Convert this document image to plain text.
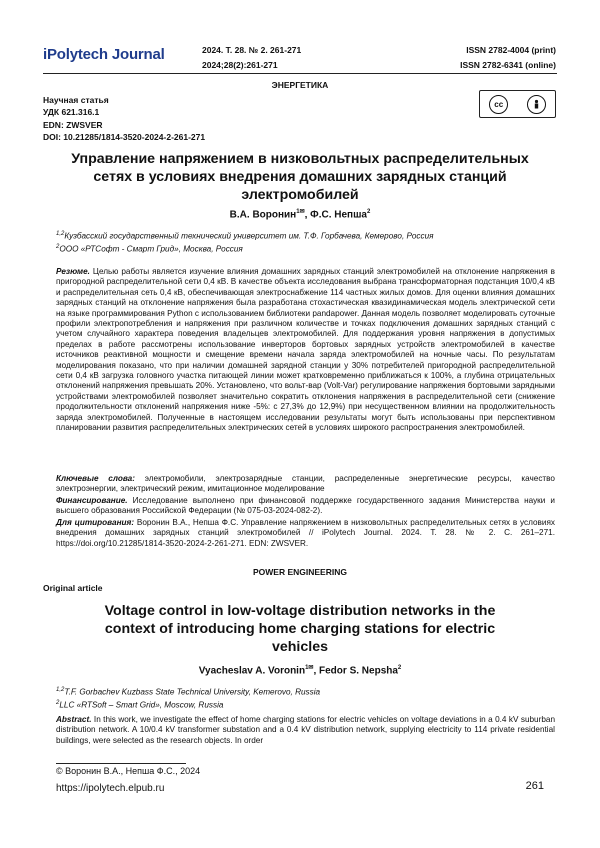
iPolytech Journal	2024. Т. 28. № 2. 261-271
2024;28(2):261-271
ISSN 2782-4004 (print)
ISSN 2782-6341 (online)
ЭНЕРГЕТИКА
Научная статья
УДК 621.316.1
EDN: ZWSVER
DOI: 10.21285/1814-3520-2024-2-261-271
cc
Управление напряжением в низковольтных распределительных сетях в условиях внедрения домашних зарядных станций электромобилей
В.А. Воронин$^{1✉}$, Ф.С. Непша$^2$
$^{1,2}$Кузбасский государственный технический университет им. Т.Ф. Горбачева, Кемерово, Россия
$^2$ООО «РТСофт - Смарт Грид», Москва, Россия
Резюме. Целью работы является изучение влияния домашних зарядных станций электромобилей на отклонение напряжения в пригородной распределительной сети 0,4 кВ. В качестве объекта исследования выбрана трансформаторная подстанция 10/0,4 кВ и распределительная сеть 0,4 кВ, обеспечивающая электроснабжение 114 частных жилых домов. Для оценки влияния домашних зарядных станций на отклонение напряжения была разработана стохастическая квазидинамическая модель электрической сети на языке программирования Python с использованием библиотеки pandapower. Данная модель позволяет моделировать суточные профили электропотребления и напряжения при различном количестве и точках подключения домашних зарядных станций с учетом случайного характера поведения владельцев электромобилей. Для поддержания уровня напряжения в допустимых пределах в работе рассмотрены использование инверторов бортовых зарядных устройств электромобилей в качестве источников реактивной мощности и смещение времени начала заряда электромобилей на ночные часы. По результатам моделирования показано, что при наличии домашней зарядной станции у 30% потребителей пригородной распределительной сети 0,4 кВ загрузка головного участка питающей линии может кратковременно приближаться к 100%, а глубина отрицательных отклонений напряжения превышать 20%. Установлено, что вольт-вар (Volt-Var) регулирование напряжения бортовыми зарядными устройствами электромобилей позволяет значительно сократить отклонения напряжения в распределительной сети (снижение продолжительности отклонений напряжения ниже -5%: с 27,3% до 12,9%) при несущественном влиянии на продолжительность заряда электромобилей. Полученные в настоящем исследовании результаты могут быть использованы при перспективном планировании развития распределительных электрических сетей в условиях широкого распространения электромобилей.
Ключевые слова: электромобили, электрозарядные станции, распределенные энергетические ресурсы, качество электроэнергии, электрический режим, имитационное моделирование
Финансирование. Исследование выполнено при финансовой поддержке государственного задания Министерства науки и высшего образования Российской Федерации (№ 075-03-2024-082-2).
Для цитирования: Воронин В.А., Непша Ф.С. Управление напряжением в низковольтных распределительных сетях в условиях внедрения домашних зарядных станций электромобилей // iPolytech Journal. 2024. Т. 28. № 2. С. 261–271. https://doi.org/10.21285/1814-3520-2024-2-261-271. EDN: ZWSVER.
POWER ENGINEERING
Original article
Voltage control in low-voltage distribution networks in the context of introducing home charging stations for electric vehicles
Vyacheslav A. Voronin$^{1✉}$, Fedor S. Nepsha$^2$
$^{1,2}$T.F. Gorbachev Kuzbass State Technical University, Kemerovo, Russia
$^2$LLC «RTSoft – Smart Grid», Moscow, Russia
Abstract. In this work, we investigate the effect of home charging stations for electric vehicles on voltage deviations in a 0.4 kV suburban distribution network. A 10/0.4 kV transformer substation and a 0.4 kV distribution network, supplying electricity to 114 private residential buildings, were selected as the research objects. In order
© Воронин В.А., Непша Ф.С., 2024
https://ipolytech.elpub.ru	261
